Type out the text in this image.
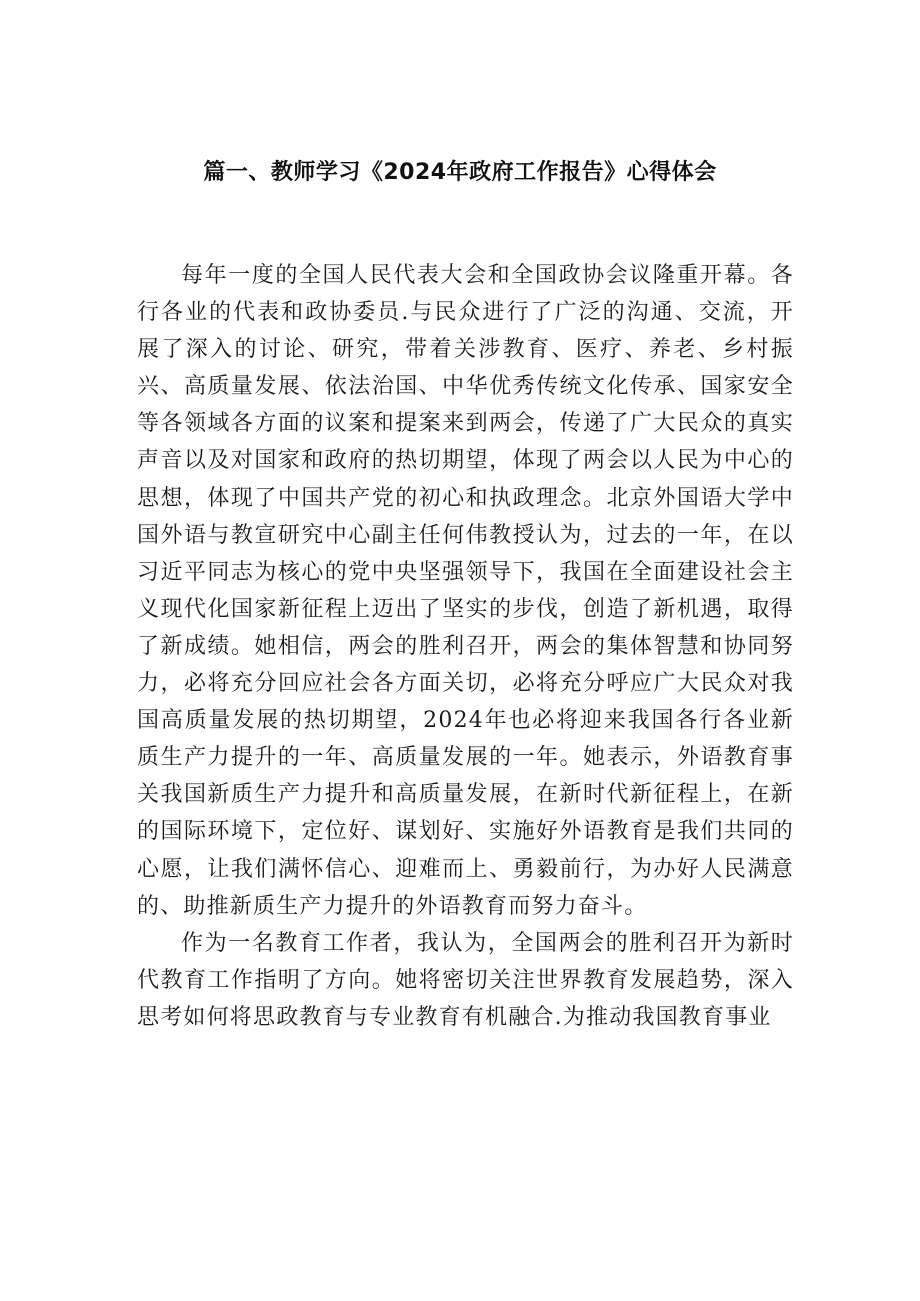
篇一、教师学习《2024年政府工作报告》心得体会

每年一度的全国人民代表大会和全国政协会议隆重开幕。各行各业的代表和政协委员.与民众进行了广泛的沟通、交流，开展了深入的讨论、研究，带着关涉教育、医疗、养老、乡村振兴、高质量发展、依法治国、中华优秀传统文化传承、国家安全等各领域各方面的议案和提案来到两会，传递了广大民众的真实声音以及对国家和政府的热切期望，体现了两会以人民为中心的思想，体现了中国共产党的初心和执政理念。北京外国语大学中国外语与教宣研究中心副主任何伟教授认为，过去的一年，在以习近平同志为核心的党中央坚强领导下，我国在全面建设社会主义现代化国家新征程上迈出了坚实的步伐，创造了新机遇，取得了新成绩。她相信，两会的胜利召开，两会的集体智慧和协同努力，必将充分回应社会各方面关切，必将充分呼应广大民众对我国高质量发展的热切期望，2024年也必将迎来我国各行各业新质生产力提升的一年、高质量发展的一年。她表示，外语教育事关我国新质生产力提升和高质量发展，在新时代新征程上，在新的国际环境下，定位好、谋划好、实施好外语教育是我们共同的心愿，让我们满怀信心、迎难而上、勇毅前行，为办好人民满意的、助推新质生产力提升的外语教育而努力奋斗。

作为一名教育工作者，我认为，全国两会的胜利召开为新时代教育工作指明了方向。她将密切关注世界教育发展趋势，深入思考如何将思政教育与专业教育有机融合.为推动我国教育事业
